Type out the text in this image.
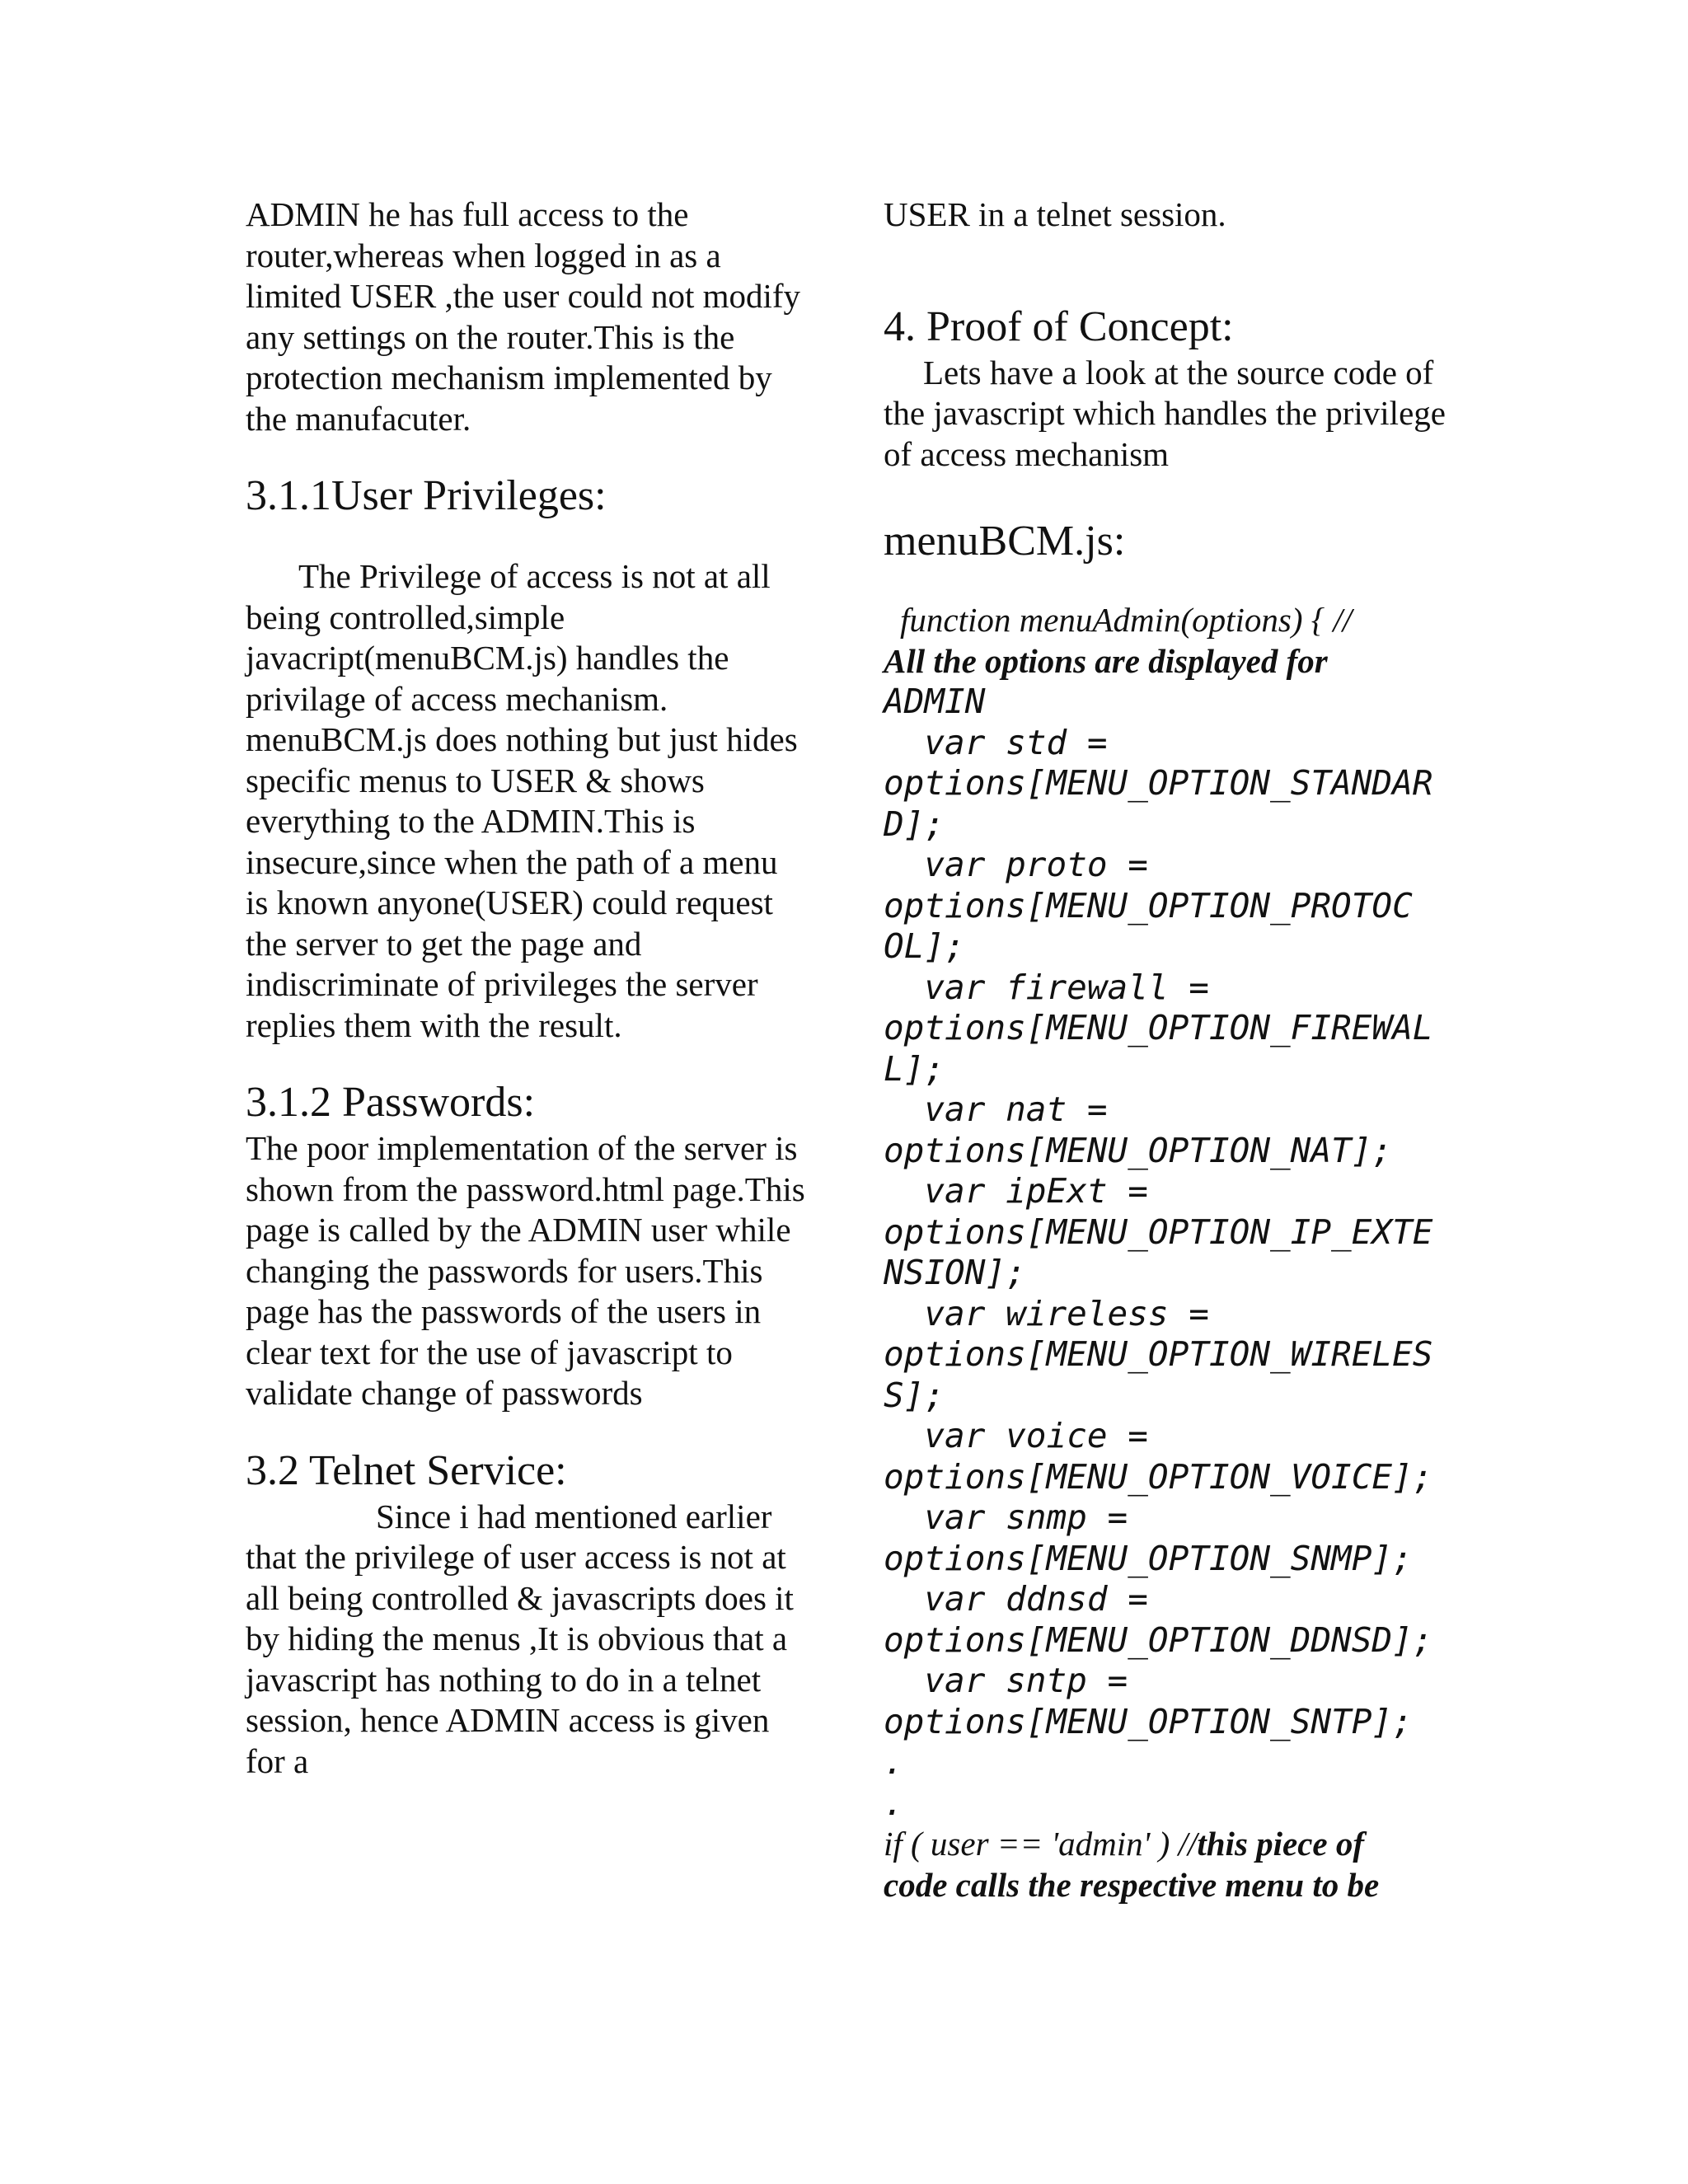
ADMIN he has full access to the router,whereas when logged in as a limited USER ,the user could not modify any settings on the router.This is the protection mechanism implemented by the manufacuter.

3.1.1User Privileges:

The Privilege of access is not at all being controlled,simple javacript(menuBCM.js) handles the privilage of access mechanism. menuBCM.js does nothing but just hides specific menus to USER & shows everything to the ADMIN.This is insecure,since when the path of a menu is known anyone(USER) could request the server to get the page and indiscriminate of privileges the server replies them with the result.

3.1.2 Passwords:

The poor implementation of the server is shown from the password.html page.This page is called by the ADMIN user while changing the passwords for users.This page has the passwords of the users in clear text for the use of javascript to validate change of passwords

3.2 Telnet Service:

Since i had mentioned earlier that the privilege of user access is not at all being controlled & javascripts does it by hiding the menus ,It is obvious that a javascript has nothing to do in a telnet session, hence ADMIN access is given for a

USER in a telnet session.

4. Proof of Concept:

Lets have a look at the source code of the javascript which handles the privilege of access mechanism

menuBCM.js:

function menuAdmin(options) { //

All the options are displayed for

ADMIN
  var std =
options[MENU_OPTION_STANDAR
D];
  var proto =
options[MENU_OPTION_PROTOC
OL];
  var firewall =
options[MENU_OPTION_FIREWAL
L];
  var nat =
options[MENU_OPTION_NAT];
  var ipExt =
options[MENU_OPTION_IP_EXTE
NSION];
  var wireless =
options[MENU_OPTION_WIRELES
S];
  var voice =
options[MENU_OPTION_VOICE];
  var snmp =
options[MENU_OPTION_SNMP];
  var ddnsd =
options[MENU_OPTION_DDNSD];
  var sntp =
options[MENU_OPTION_SNTP];
.
.

if ( user == 'admin' ) //this piece of

code calls the respective menu to be
